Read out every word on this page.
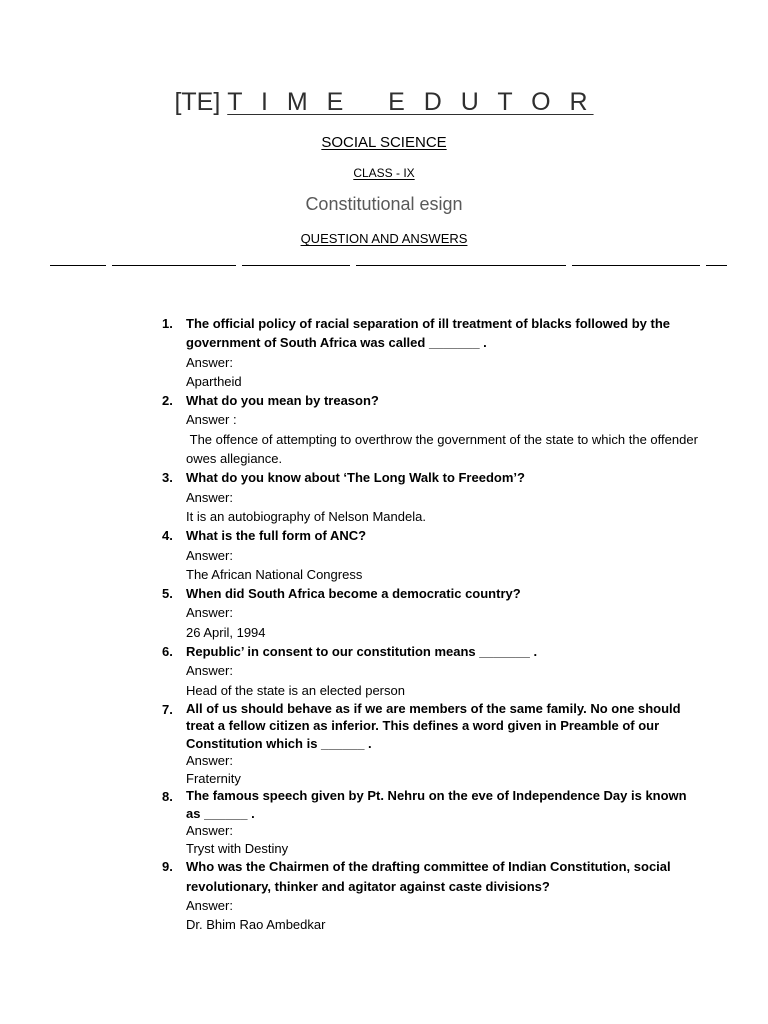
[TE] T I M E   E D U T O R
SOCIAL SCIENCE
CLASS - IX
Constitutional esign
QUESTION AND ANSWERS
1. The official policy of racial separation of ill treatment of blacks followed by the government of South Africa was called _______ .
Answer:
Apartheid
2. What do you mean by treason?
Answer :
The offence of attempting to overthrow the government of the state to which the offender owes allegiance.
3. What do you know about ‘The Long Walk to Freedom’?
Answer:
It is an autobiography of Nelson Mandela.
4. What is the full form of ANC?
Answer:
The African National Congress
5. When did South Africa become a democratic country?
Answer:
26 April, 1994
6. Republic’ in consent to our constitution means _______ .
Answer:
Head of the state is an elected person
7. All of us should behave as if we are members of the same family. No one should treat a fellow citizen as inferior. This defines a word given in Preamble of our Constitution which is ______ .
Answer:
Fraternity
8. The famous speech given by Pt. Nehru on the eve of Independence Day is known as ______ .
Answer:
Tryst with Destiny
9. Who was the Chairmen of the drafting committee of Indian Constitution, social revolutionary, thinker and agitator against caste divisions?
Answer:
Dr. Bhim Rao Ambedkar
